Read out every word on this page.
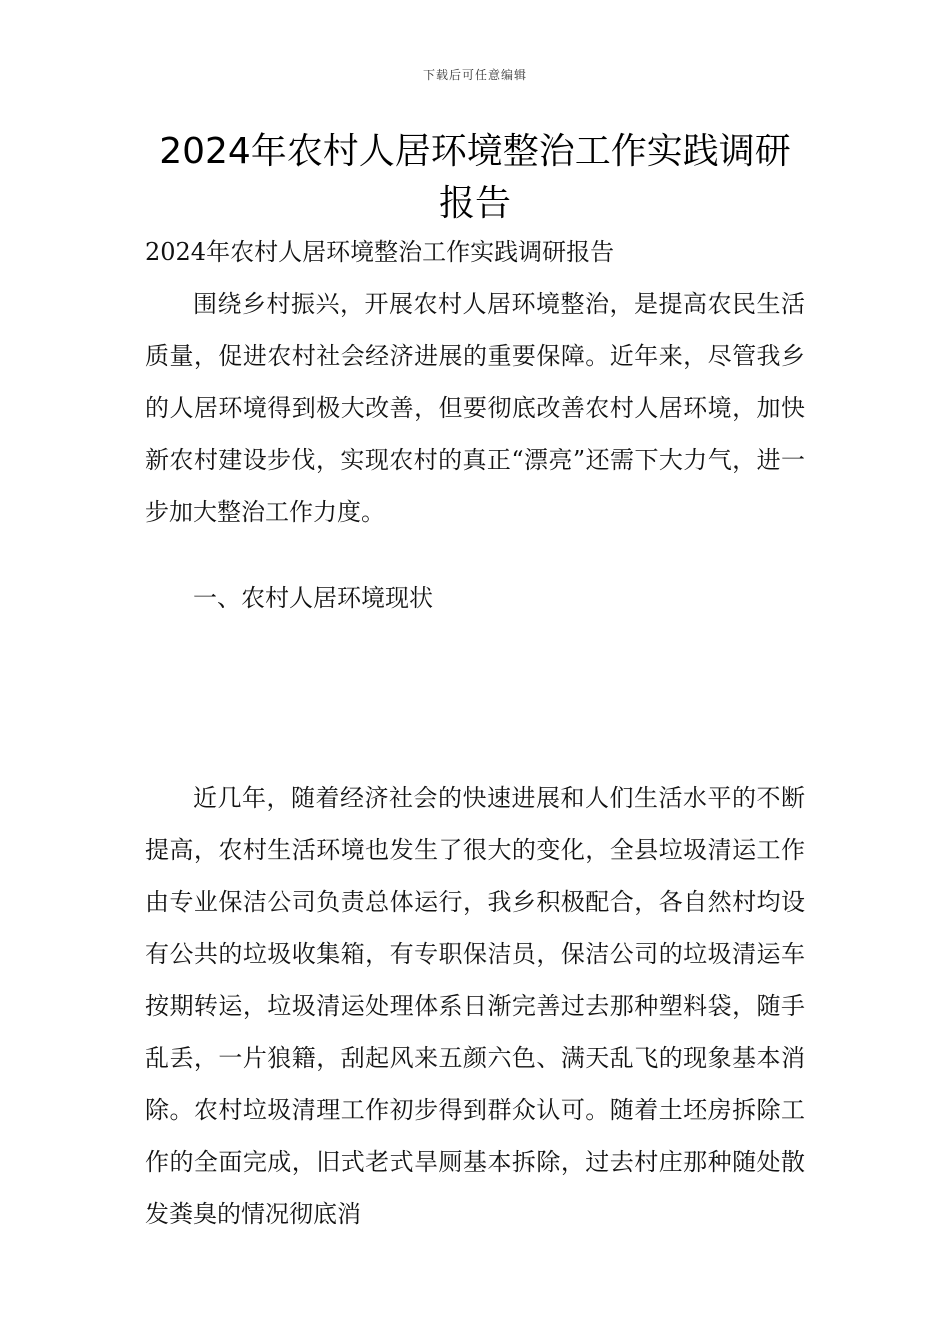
下载后可任意编辑
2024年农村人居环境整治工作实践调研报告

2024年农村人居环境整治工作实践调研报告

围绕乡村振兴，开展农村人居环境整治，是提高农民生活质量，促进农村社会经济进展的重要保障。近年来，尽管我乡的人居环境得到极大改善，但要彻底改善农村人居环境，加快新农村建设步伐，实现农村的真正“漂亮”还需下大力气，进一步加大整治工作力度。

一、农村人居环境现状

近几年，随着经济社会的快速进展和人们生活水平的不断提高，农村生活环境也发生了很大的变化，全县垃圾清运工作由专业保洁公司负责总体运行，我乡积极配合，各自然村均设有公共的垃圾收集箱，有专职保洁员，保洁公司的垃圾清运车按期转运，垃圾清运处理体系日渐完善过去那种塑料袋，随手乱丢，一片狼籍，刮起风来五颜六色、满天乱飞的现象基本消除。农村垃圾清理工作初步得到群众认可。随着土坯房拆除工作的全面完成，旧式老式旱厕基本拆除，过去村庄那种随处散发粪臭的情况彻底消
